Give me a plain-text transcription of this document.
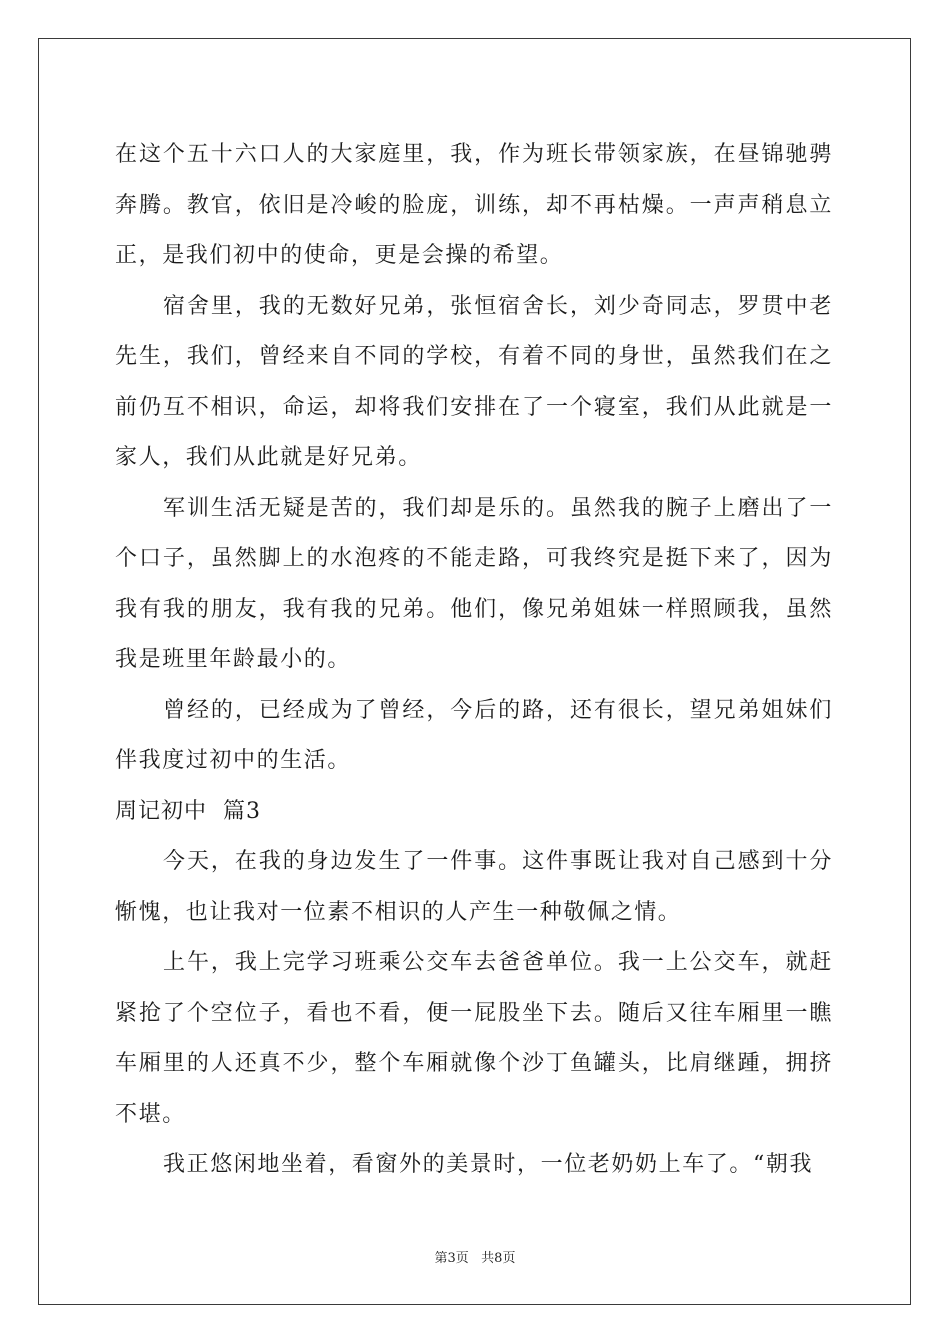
在这个五十六口人的大家庭里，我，作为班长带领家族，在昼锦驰骋奔腾。教官，依旧是冷峻的脸庞，训练，却不再枯燥。一声声稍息立正，是我们初中的使命，更是会操的希望。

宿舍里，我的无数好兄弟，张恒宿舍长，刘少奇同志，罗贯中老先生，我们，曾经来自不同的学校，有着不同的身世，虽然我们在之前仍互不相识，命运，却将我们安排在了一个寝室，我们从此就是一家人，我们从此就是好兄弟。

军训生活无疑是苦的，我们却是乐的。虽然我的腕子上磨出了一个口子，虽然脚上的水泡疼的不能走路，可我终究是挺下来了，因为我有我的朋友，我有我的兄弟。他们，像兄弟姐妹一样照顾我，虽然我是班里年龄最小的。

曾经的，已经成为了曾经，今后的路，还有很长，望兄弟姐妹们伴我度过初中的生活。

周记初中  篇3

今天，在我的身边发生了一件事。这件事既让我对自己感到十分惭愧，也让我对一位素不相识的人产生一种敬佩之情。

上午，我上完学习班乘公交车去爸爸单位。我一上公交车，就赶紧抢了个空位子，看也不看，便一屁股坐下去。随后又往车厢里一瞧车厢里的人还真不少，整个车厢就像个沙丁鱼罐头，比肩继踵，拥挤不堪。

我正悠闲地坐着，看窗外的美景时，一位老奶奶上车了。“朝我

第3页   共8页
